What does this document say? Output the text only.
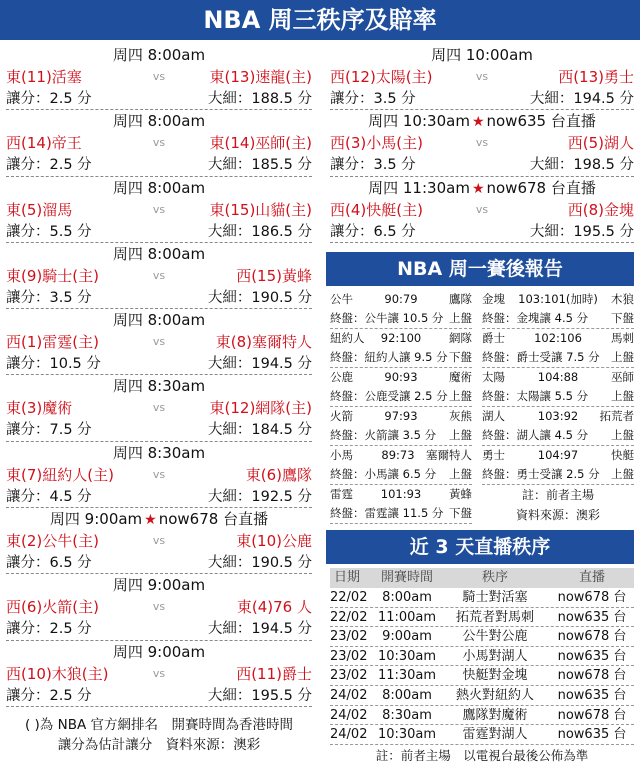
NBA 周三秩序及賠率
周四 8:00am
東(11)活塞	vs	東(13)速龍(主)
讓分：2.5 分	大細：188.5 分
周四 8:00am
西(14)帝王	vs	東(14)巫師(主)
讓分：2.5 分	大細：185.5 分
周四 8:00am
東(5)溜馬	vs	東(15)山貓(主)
讓分：5.5 分	大細：186.5 分
周四 8:00am
東(9)騎士(主)	vs	西(15)黃蜂
讓分：3.5 分	大細：190.5 分
周四 8:00am
西(1)雷霆(主)	vs	東(8)塞爾特人
讓分：10.5 分	大細：194.5 分
周四 8:30am
東(3)魔術	vs	東(12)網隊(主)
讓分：7.5 分	大細：184.5 分
周四 8:30am
東(7)紐約人(主)	vs	東(6)鷹隊
讓分：4.5 分	大細：192.5 分
周四 9:00am ★ now678 台直播
東(2)公牛(主)	vs	東(10)公鹿
讓分：6.5 分	大細：190.5 分
周四 9:00am
西(6)火箭(主)	vs	東(4)76 人
讓分：2.5 分	大細：194.5 分
周四 9:00am
西(10)木狼(主)	vs	西(11)爵士
讓分：2.5 分	大細：195.5 分
( )為 NBA 官方網排名　開賽時間為香港時間
讓分為估計讓分　資料來源：澳彩
周四 10:00am
西(12)太陽(主)	vs	西(13)勇士
讓分：3.5 分	大細：194.5 分
周四 10:30am ★ now635 台直播
西(3)小馬(主)	vs	西(5)湖人
讓分：3.5 分	大細：198.5 分
周四 11:30am ★ now678 台直播
西(4)快艇(主)	vs	西(8)金塊
讓分：6.5 分	大細：195.5 分
NBA 周一賽後報告
公牛	90:79	鷹隊
終盤：公牛讓 10.5 分 上盤
紐約人	92:100	網隊
終盤：紐約人讓 9.5 分 下盤
公鹿	90:93	魔術
終盤：公鹿受讓 2.5 分 上盤
火箭	97:93	灰熊
終盤：火箭讓 3.5 分	上盤
小馬	89:73 塞爾特人
終盤：小馬讓 6.5 分	上盤
雷霆	101:93	黃蜂
終盤：雷霆讓 11.5 分 下盤
金塊	103:101(加時)	木狼
終盤：金塊讓 4.5 分	下盤
爵士	102:106	馬刺
終盤：爵士受讓 7.5 分 上盤
太陽	104:88	巫師
終盤：太陽讓 5.5 分	上盤
湖人	103:92	拓荒者
終盤：湖人讓 4.5 分	上盤
勇士	104:97	快艇
終盤：勇士受讓 2.5 分 上盤
註：前者主場
資料來源：澳彩
近 3 天直播秩序
日期	開賽時間	秩序	直播
22/02	8:00am	騎士對活塞	now678 台
22/02 11:00am	拓荒者對馬刺	now635 台
23/02	9:00am	公牛對公鹿	now678 台
23/02 10:30am	小馬對湖人	now635 台
23/02 11:30am	快艇對金塊	now678 台
24/02	8:00am	熱火對紐約人	now635 台
24/02	8:30am	鷹隊對魔術	now678 台
24/02 10:30am	雷霆對湖人	now635 台
註：前者主場　以電視台最後公佈為準
